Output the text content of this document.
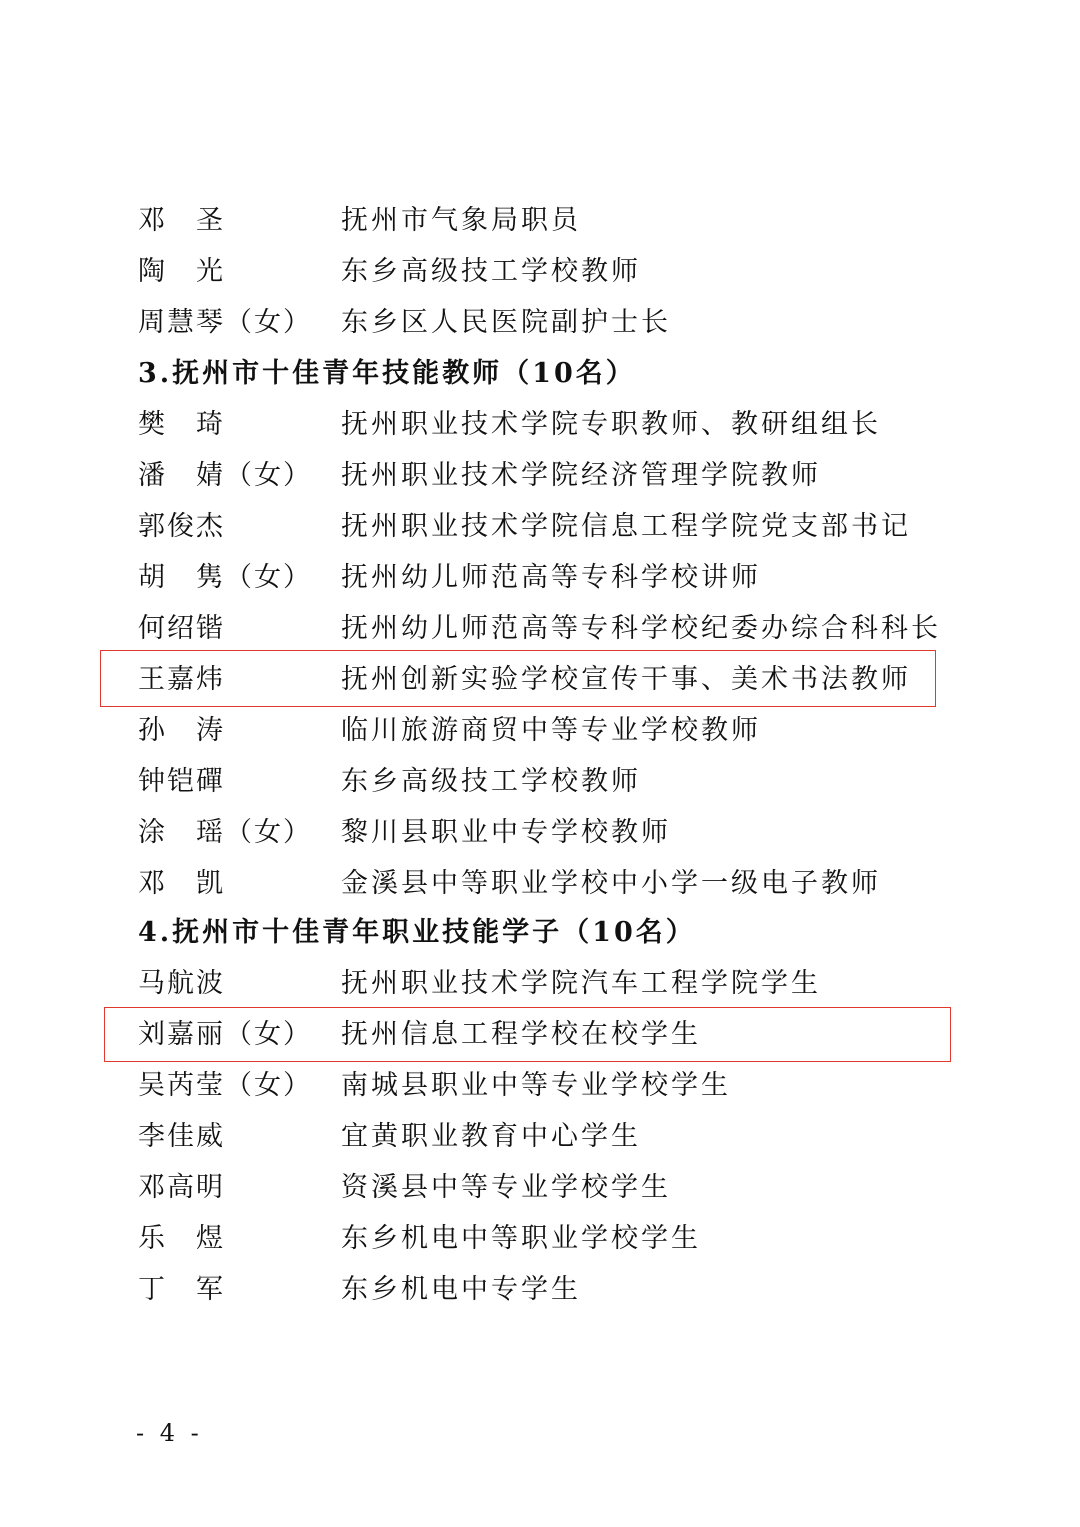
邓　圣	抚州市气象局职员
陶　光	东乡高级技工学校教师
周慧琴（女） 东乡区人民医院副护士长
3.抚州市十佳青年技能教师（10名）
樊　琦	抚州职业技术学院专职教师、教研组组长
潘　婧（女） 抚州职业技术学院经济管理学院教师
郭俊杰	抚州职业技术学院信息工程学院党支部书记
胡　隽（女） 抚州幼儿师范高等专科学校讲师
何绍锴	抚州幼儿师范高等专科学校纪委办综合科科长
王嘉炜	抚州创新实验学校宣传干事、美术书法教师
孙　涛	临川旅游商贸中等专业学校教师
钟铠磾	东乡高级技工学校教师
涂　瑶（女） 黎川县职业中专学校教师
邓　凯	金溪县中等职业学校中小学一级电子教师
4.抚州市十佳青年职业技能学子（10名）
马航波	抚州职业技术学院汽车工程学院学生
刘嘉丽（女） 抚州信息工程学校在校学生
吴芮莹（女） 南城县职业中等专业学校学生
李佳威	宜黄职业教育中心学生
邓高明	资溪县中等专业学校学生
乐　煜	东乡机电中等职业学校学生
丁　军	东乡机电中专学生
- 4 -
